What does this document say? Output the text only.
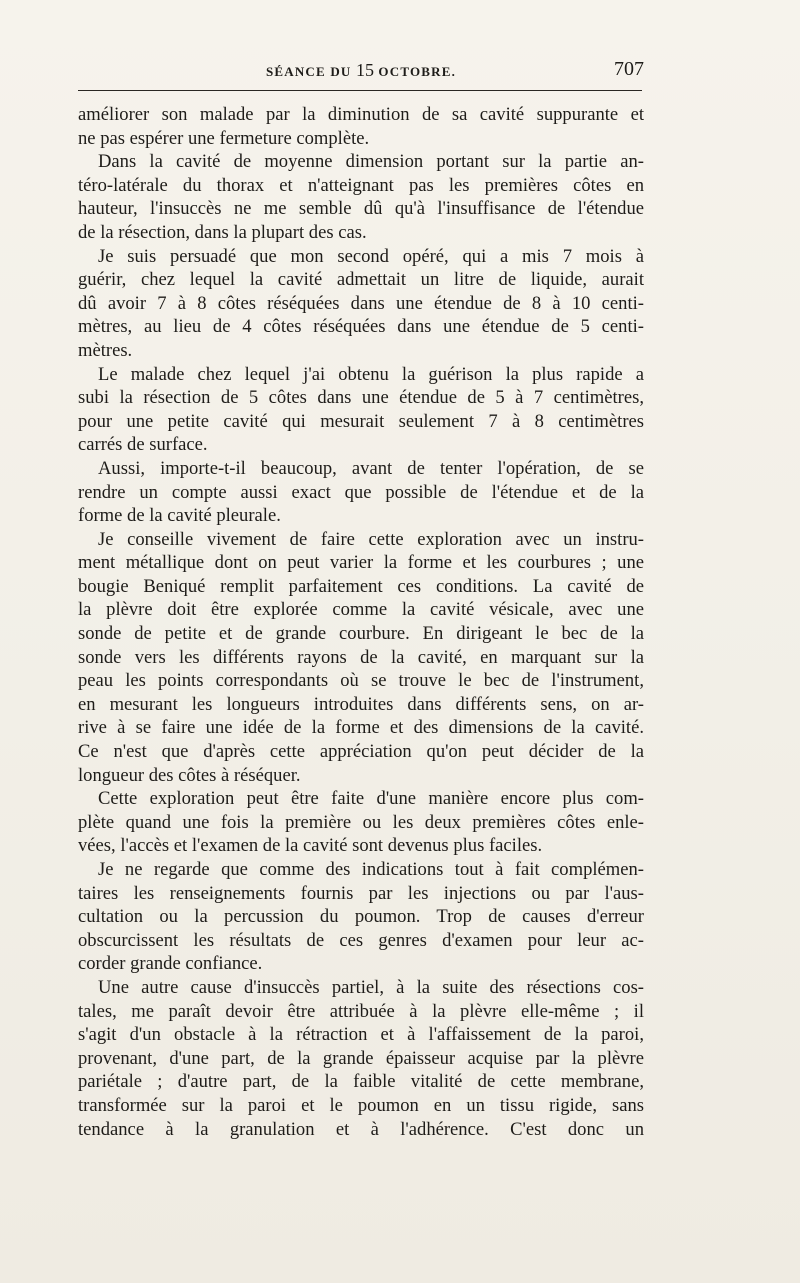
SÉANCE DU 15 OCTOBRE.	707
améliorer son malade par la diminution de sa cavité suppurante et
ne pas espérer une fermeture complète.
Dans la cavité de moyenne dimension portant sur la partie an-
téro-latérale du thorax et n'atteignant pas les premières côtes en
hauteur, l'insuccès ne me semble dû qu'à l'insuffisance de l'étendue
de la résection, dans la plupart des cas.
Je suis persuadé que mon second opéré, qui a mis 7 mois à
guérir, chez lequel la cavité admettait un litre de liquide, aurait
dû avoir 7 à 8 côtes réséquées dans une étendue de 8 à 10 centi-
mètres, au lieu de 4 côtes réséquées dans une étendue de 5 centi-
mètres.
Le malade chez lequel j'ai obtenu la guérison la plus rapide a
subi la résection de 5 côtes dans une étendue de 5 à 7 centimètres,
pour une petite cavité qui mesurait seulement 7 à 8 centimètres
carrés de surface.
Aussi, importe-t-il beaucoup, avant de tenter l'opération, de se
rendre un compte aussi exact que possible de l'étendue et de la
forme de la cavité pleurale.
Je conseille vivement de faire cette exploration avec un instru-
ment métallique dont on peut varier la forme et les courbures ; une
bougie Beniqué remplit parfaitement ces conditions. La cavité de
la plèvre doit être explorée comme la cavité vésicale, avec une
sonde de petite et de grande courbure. En dirigeant le bec de la
sonde vers les différents rayons de la cavité, en marquant sur la
peau les points correspondants où se trouve le bec de l'instrument,
en mesurant les longueurs introduites dans différents sens, on ar-
rive à se faire une idée de la forme et des dimensions de la cavité.
Ce n'est que d'après cette appréciation qu'on peut décider de la
longueur des côtes à réséquer.
Cette exploration peut être faite d'une manière encore plus com-
plète quand une fois la première ou les deux premières côtes enle-
vées, l'accès et l'examen de la cavité sont devenus plus faciles.
Je ne regarde que comme des indications tout à fait complémen-
taires les renseignements fournis par les injections ou par l'aus-
cultation ou la percussion du poumon. Trop de causes d'erreur
obscurcissent les résultats de ces genres d'examen pour leur ac-
corder grande confiance.
Une autre cause d'insuccès partiel, à la suite des résections cos-
tales, me paraît devoir être attribuée à la plèvre elle-même ; il
s'agit d'un obstacle à la rétraction et à l'affaissement de la paroi,
provenant, d'une part, de la grande épaisseur acquise par la plèvre
pariétale ; d'autre part, de la faible vitalité de cette membrane,
transformée sur la paroi et le poumon en un tissu rigide, sans
tendance à la granulation et à l'adhérence. C'est donc un
